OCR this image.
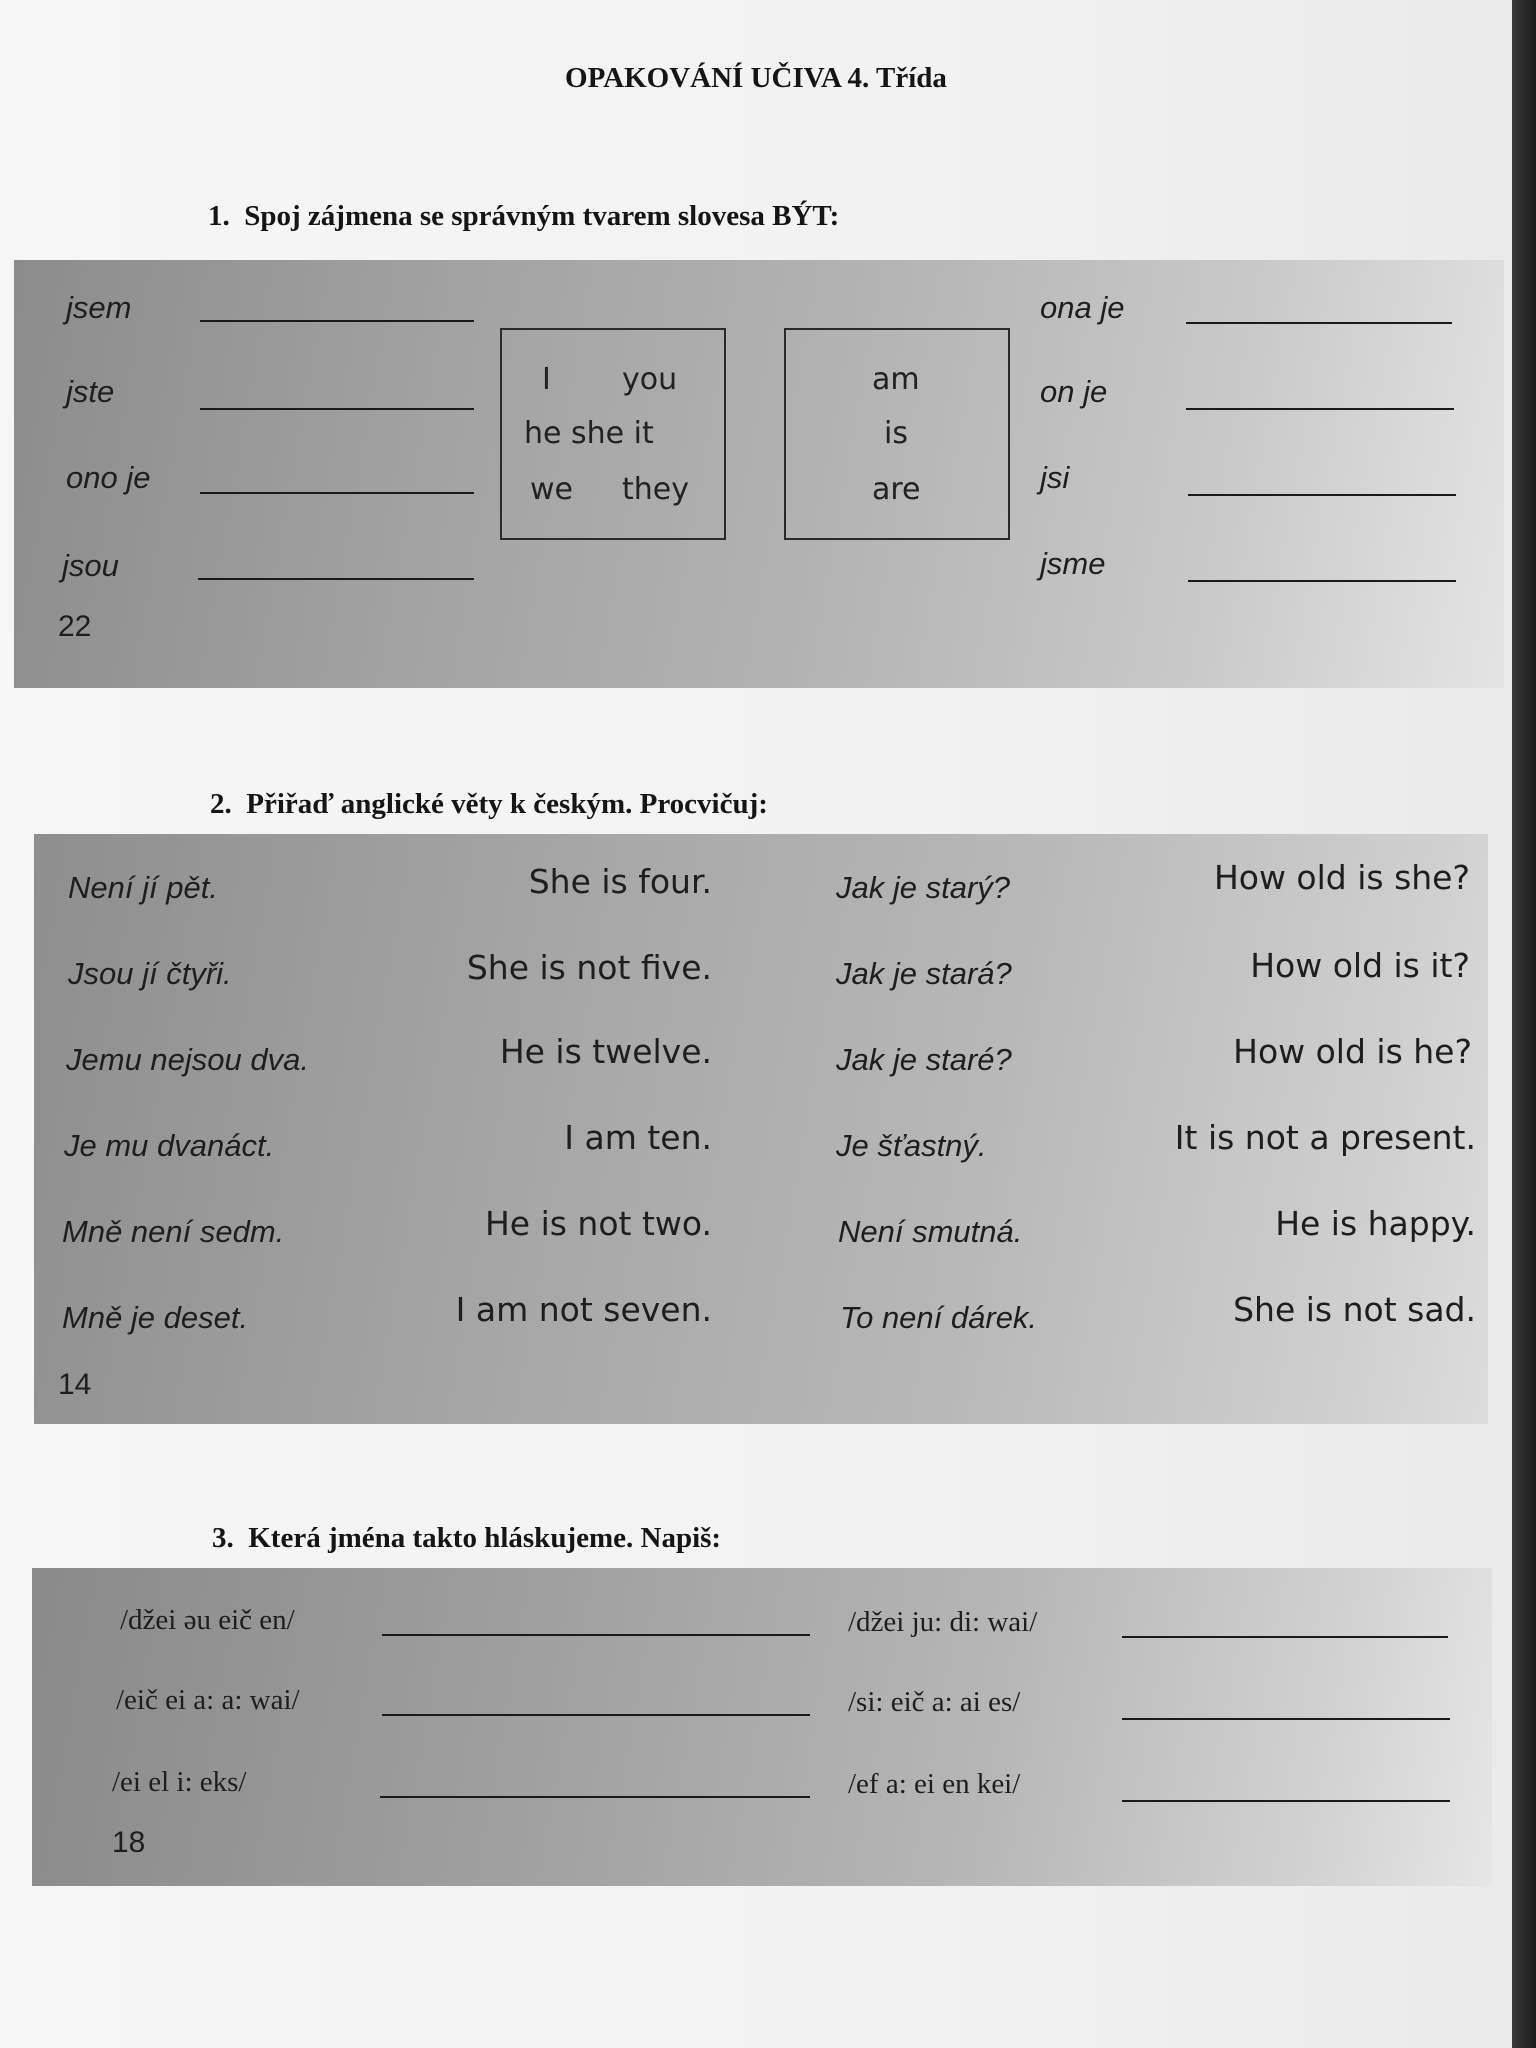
OPAKOVÁNÍ UČIVA 4. Třída
1.  Spoj zájmena se správným tvarem slovesa BÝT:
jsem
jste
ono je
jsou
I you
he she it
we they
am
is
are
ona je
on je
jsi
jsme
22
2.  Přiřaď anglické věty k českým. Procvičuj:
Není jí pět.
Jsou jí čtyři.
Jemu nejsou dva.
Je mu dvanáct.
Mně není sedm.
Mně je deset.
She is four.
She is not five.
He is twelve.
I am ten.
He is not two.
I am not seven.
Jak je starý?
Jak je stará?
Jak je staré?
Je šťastný.
Není smutná.
To není dárek.
How old is she?
How old is it?
How old is he?
It is not a present.
He is happy.
She is not sad.
14
3.  Která jména takto hláskujeme. Napiš:
/džei əu eič en/
/eič ei a: a: wai/
/ei el i: eks/
/džei ju: di: wai/
/si: eič a: ai es/
/ef a: ei en kei/
18
